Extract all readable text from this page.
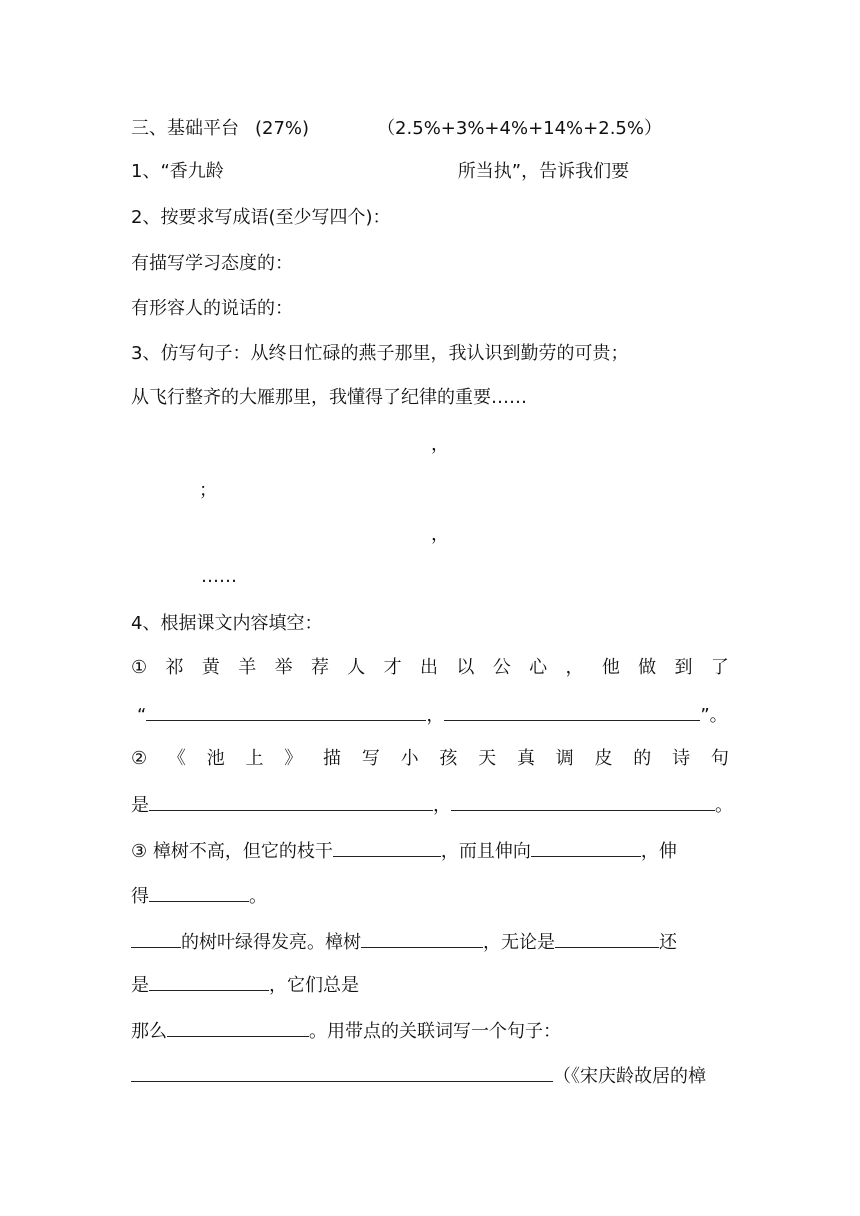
三、基础平台 (27%)	（2.5%+3%+4%+14%+2.5%）
1、“香九龄	所当执”，告诉我们要
2、按要求写成语(至少写四个)：
有描写学习态度的：
有形容人的说话的：
3、仿写句子：从终日忙碌的燕子那里，我认识到勤劳的可贵；
从飞行整齐的大雁那里，我懂得了纪律的重要……
，
；
，
……
4、根据课文内容填空：
① 祁 黄 羊 举 荐 人 才 出 以 公 心 ， 他 做 到 了
“	，	”。
② 《 池 上 》 描 写 小 孩 天 真 调 皮 的 诗 句
是	，	。
③ 樟树不高，但它的枝干	，而且伸向	，伸
得	。
的树叶绿得发亮。樟树	，无论是	还
是	，它们总是
那么	。用带点的关联词写一个句子：
（《宋庆龄故居的樟
